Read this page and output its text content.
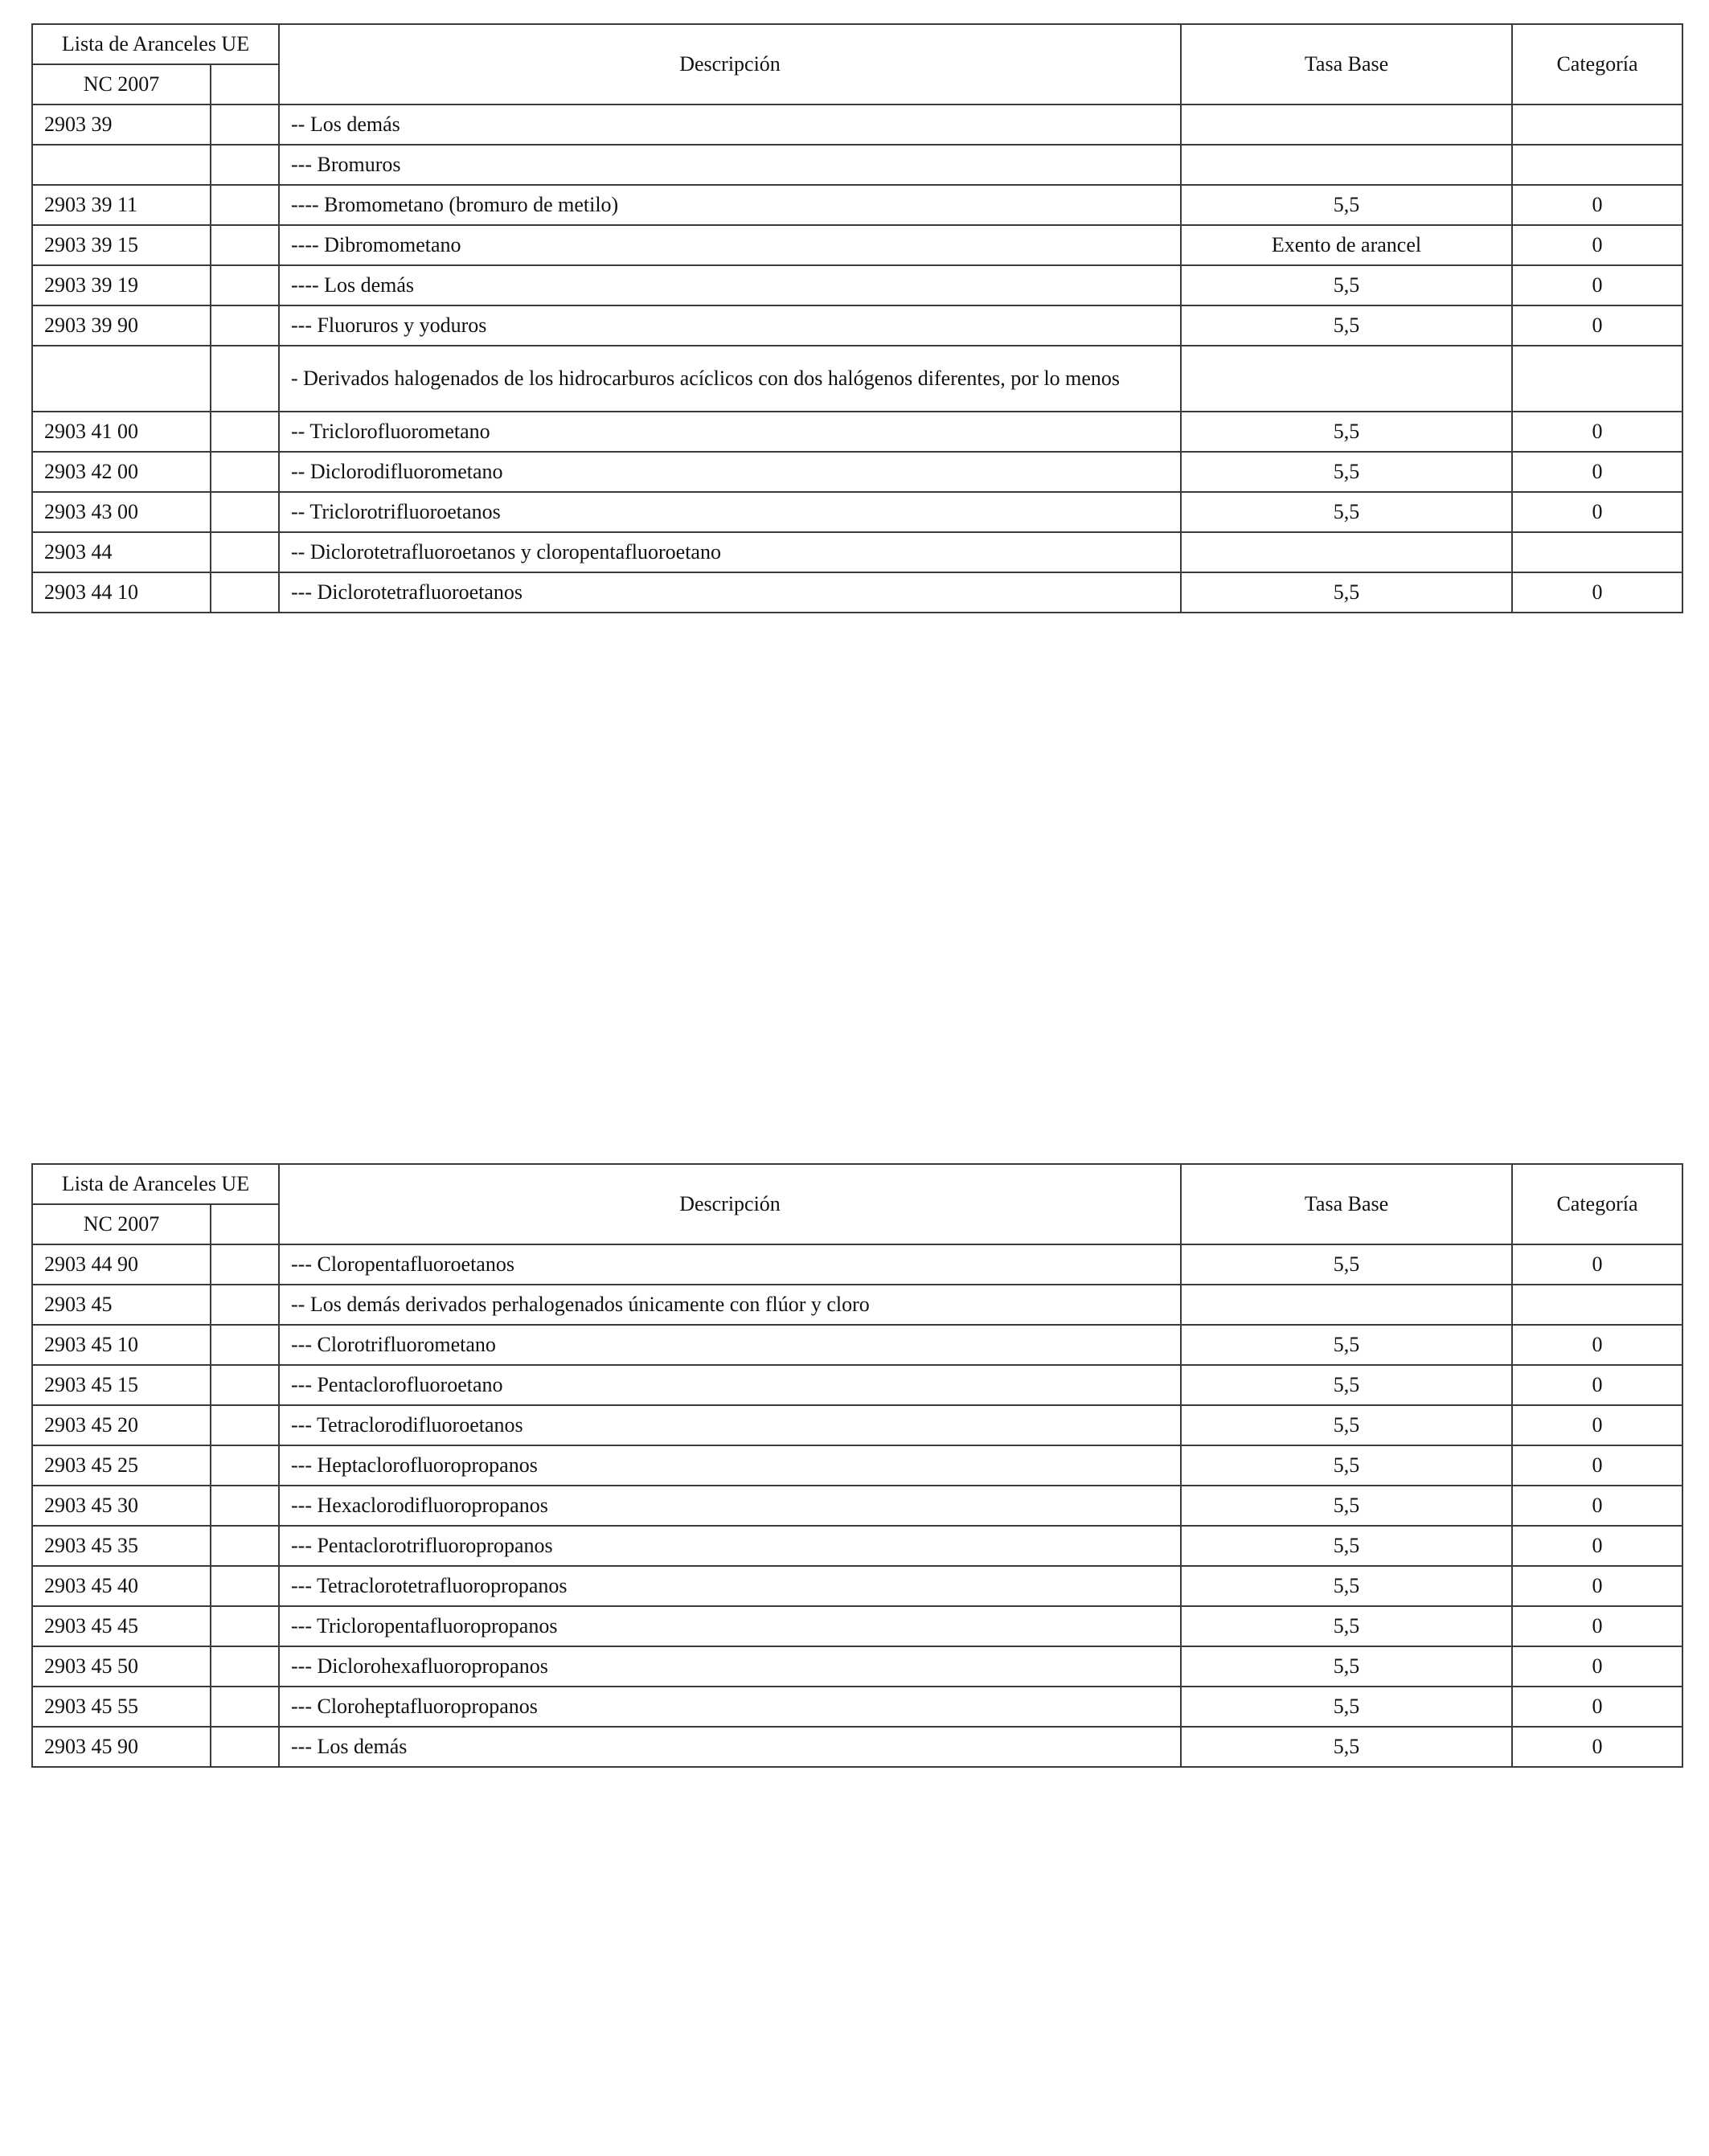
Lista de Aranceles UE		Descripción	Tasa Base	Categoría
NC 2007				
2903 39		-- Los demás		
		--- Bromuros		
2903 39 11		---- Bromometano (bromuro de metilo)	5,5	0
2903 39 15		---- Dibromometano	Exento de arancel	0
2903 39 19		---- Los demás	5,5	0
2903 39 90		--- Fluoruros y yoduros	5,5	0
		- Derivados halogenados de los hidrocarburos acíclicos con dos halógenos diferentes, por lo menos		
2903 41 00		-- Triclorofluorometano	5,5	0
2903 42 00		-- Diclorodifluorometano	5,5	0
2903 43 00		-- Triclorotrifluoroetanos	5,5	0
2903 44		-- Diclorotetrafluoroetanos y cloropentafluoroetano		
2903 44 10		--- Diclorotetrafluoroetanos	5,5	0
Lista de Aranceles UE		Descripción	Tasa Base	Categoría
NC 2007				
2903 44 90		--- Cloropentafluoroetanos	5,5	0
2903 45		-- Los demás derivados perhalogenados únicamente con flúor y cloro		
2903 45 10		--- Clorotrifluorometano	5,5	0
2903 45 15		--- Pentaclorofluoroetano	5,5	0
2903 45 20		--- Tetraclorodifluoroetanos	5,5	0
2903 45 25		--- Heptaclorofluoropropanos	5,5	0
2903 45 30		--- Hexaclorodifluoropropanos	5,5	0
2903 45 35		--- Pentaclorotrifluoropropanos	5,5	0
2903 45 40		--- Tetraclorotetrafluoropropanos	5,5	0
2903 45 45		--- Tricloropentafluoropropanos	5,5	0
2903 45 50		--- Diclorohexafluoropropanos	5,5	0
2903 45 55		--- Cloroheptafluoropropanos	5,5	0
2903 45 90		--- Los demás	5,5	0
